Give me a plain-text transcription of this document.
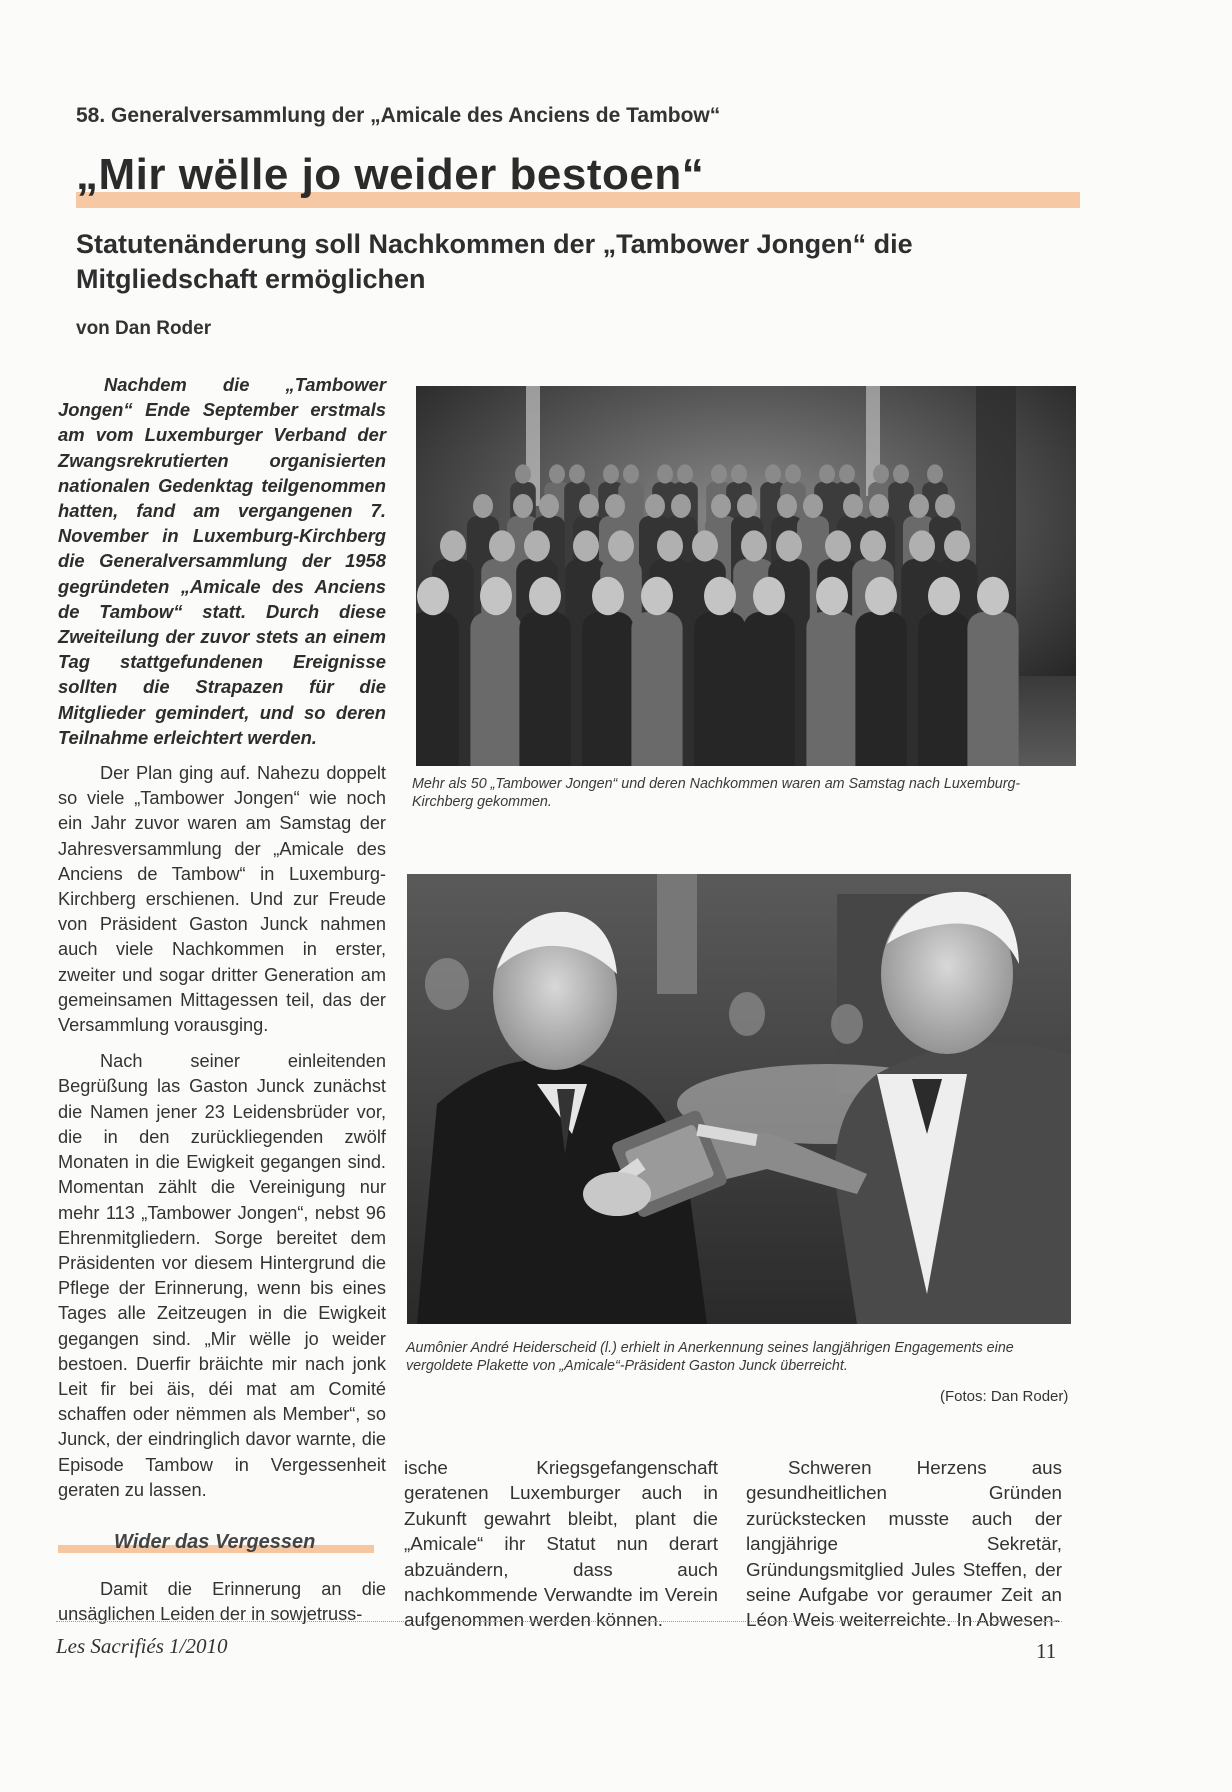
58. Generalversammlung der „Amicale des Anciens de Tambow“
„Mir wëlle jo weider bestoen“
Statutenänderung soll Nachkommen der „Tambower Jongen“ die Mitgliedschaft ermöglichen
von Dan Roder

Nachdem die „Tambower Jongen“ Ende September erstmals am vom Luxemburger Verband der Zwangsrekrutierten organisierten nationalen Gedenktag teilgenommen hatten, fand am vergangenen 7. November in Luxemburg-Kirchberg die Generalversammlung der 1958 gegründeten „Amicale des Anciens de Tambow“ statt. Durch diese Zweiteilung der zuvor stets an einem Tag stattgefundenen Ereignisse sollten die Strapazen für die Mitglieder gemindert, und so deren Teilnahme erleichtert werden.

Der Plan ging auf. Nahezu doppelt so viele „Tambower Jongen“ wie noch ein Jahr zuvor waren am Samstag der Jahresversammlung der „Amicale des Anciens de Tambow“ in Luxemburg-Kirchberg erschienen. Und zur Freude von Präsident Gaston Junck nahmen auch viele Nachkommen in erster, zweiter und sogar dritter Generation am gemeinsamen Mittagessen teil, das der Versammlung vorausging.

Nach seiner einleitenden Begrüßung las Gaston Junck zunächst die Namen jener 23 Leidensbrüder vor, die in den zurückliegenden zwölf Monaten in die Ewigkeit gegangen sind. Momentan zählt die Vereinigung nur mehr 113 „Tambower Jongen“, nebst 96 Ehrenmitgliedern. Sorge bereitet dem Präsidenten vor diesem Hintergrund die Pflege der Erinnerung, wenn bis eines Tages alle Zeitzeugen in die Ewigkeit gegangen sind. „Mir wëlle jo weider bestoen. Duerfir bräichte mir nach jonk Leit fir bei äis, déi mat am Comité schaffen oder nëmmen als Member“, so Junck, der eindringlich davor warnte, die Episode Tambow in Vergessenheit geraten zu lassen.

Wider das Vergessen

Damit die Erinnerung an die unsäglichen Leiden der in sowjetruss-

Mehr als 50 „Tambower Jongen“ und deren Nachkommen waren am Samstag nach Luxemburg-Kirchberg gekommen.
Aumônier André Heiderscheid (l.) erhielt in Anerkennung seines langjährigen Engagements eine vergoldete Plakette von „Amicale“-Präsident Gaston Junck überreicht.
(Fotos: Dan Roder)

ische Kriegsgefangenschaft geratenen Luxemburger auch in Zukunft gewahrt bleibt, plant die „Amicale“ ihr Statut nun derart abzuändern, dass auch nachkommende Verwandte im Verein aufgenommen werden können.

Schweren Herzens aus gesundheitlichen Gründen zurückstecken musste auch der langjährige Sekretär, Gründungsmitglied Jules Steffen, der seine Aufgabe vor geraumer Zeit an Léon Weis weiterreichte. In Abwesen-

Les Sacrifiés 1/2010	11
